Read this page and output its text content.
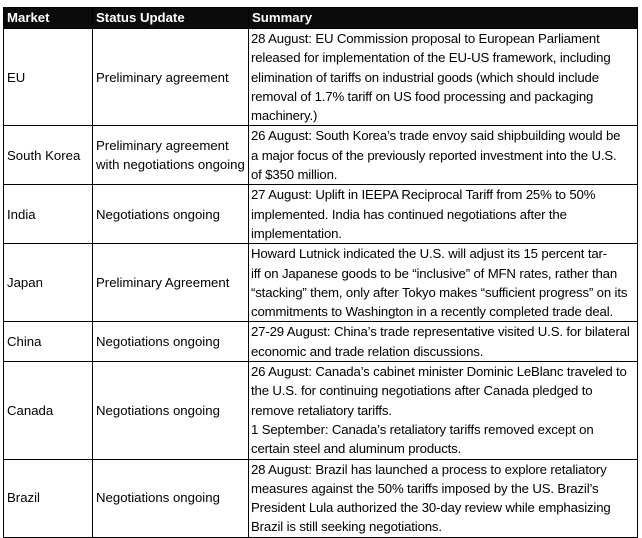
Market	Status Update	Summary
EU	Preliminary agreement	28 August: EU Commission proposal to European Parliament
released for implementation of the EU-US framework, including
elimination of tariffs on industrial goods (which should include
removal of 1.7% tariff on US food processing and packaging
machinery.)

South Korea	Preliminary agreement
with negotiations ongoing	26 August: South Korea’s trade envoy said shipbuilding would be
a major focus of the previously reported investment into the U.S.
of $350 million.

India	Negotiations ongoing	27 August: Uplift in IEEPA Reciprocal Tariff from 25% to 50%
implemented. India has continued negotiations after the
implementation.

Japan	Preliminary Agreement	Howard Lutnick indicated the U.S. will adjust its 15 percent tar-
iff on Japanese goods to be “inclusive” of MFN rates, rather than
“stacking” them, only after Tokyo makes “sufficient progress” on its
commitments to Washington in a recently completed trade deal.

China	Negotiations ongoing	27-29 August: China’s trade representative visited U.S. for bilateral
economic and trade relation discussions.

Canada	Negotiations ongoing	26 August: Canada’s cabinet minister Dominic LeBlanc traveled to
the U.S. for continuing negotiations after Canada pledged to
remove retaliatory tariffs.
1 September: Canada’s retaliatory tariffs removed except on
certain steel and aluminum products.

Brazil	Negotiations ongoing	28 August: Brazil has launched a process to explore retaliatory
measures against the 50% tariffs imposed by the US. Brazil’s
President Lula authorized the 30-day review while emphasizing
Brazil is still seeking negotiations.
